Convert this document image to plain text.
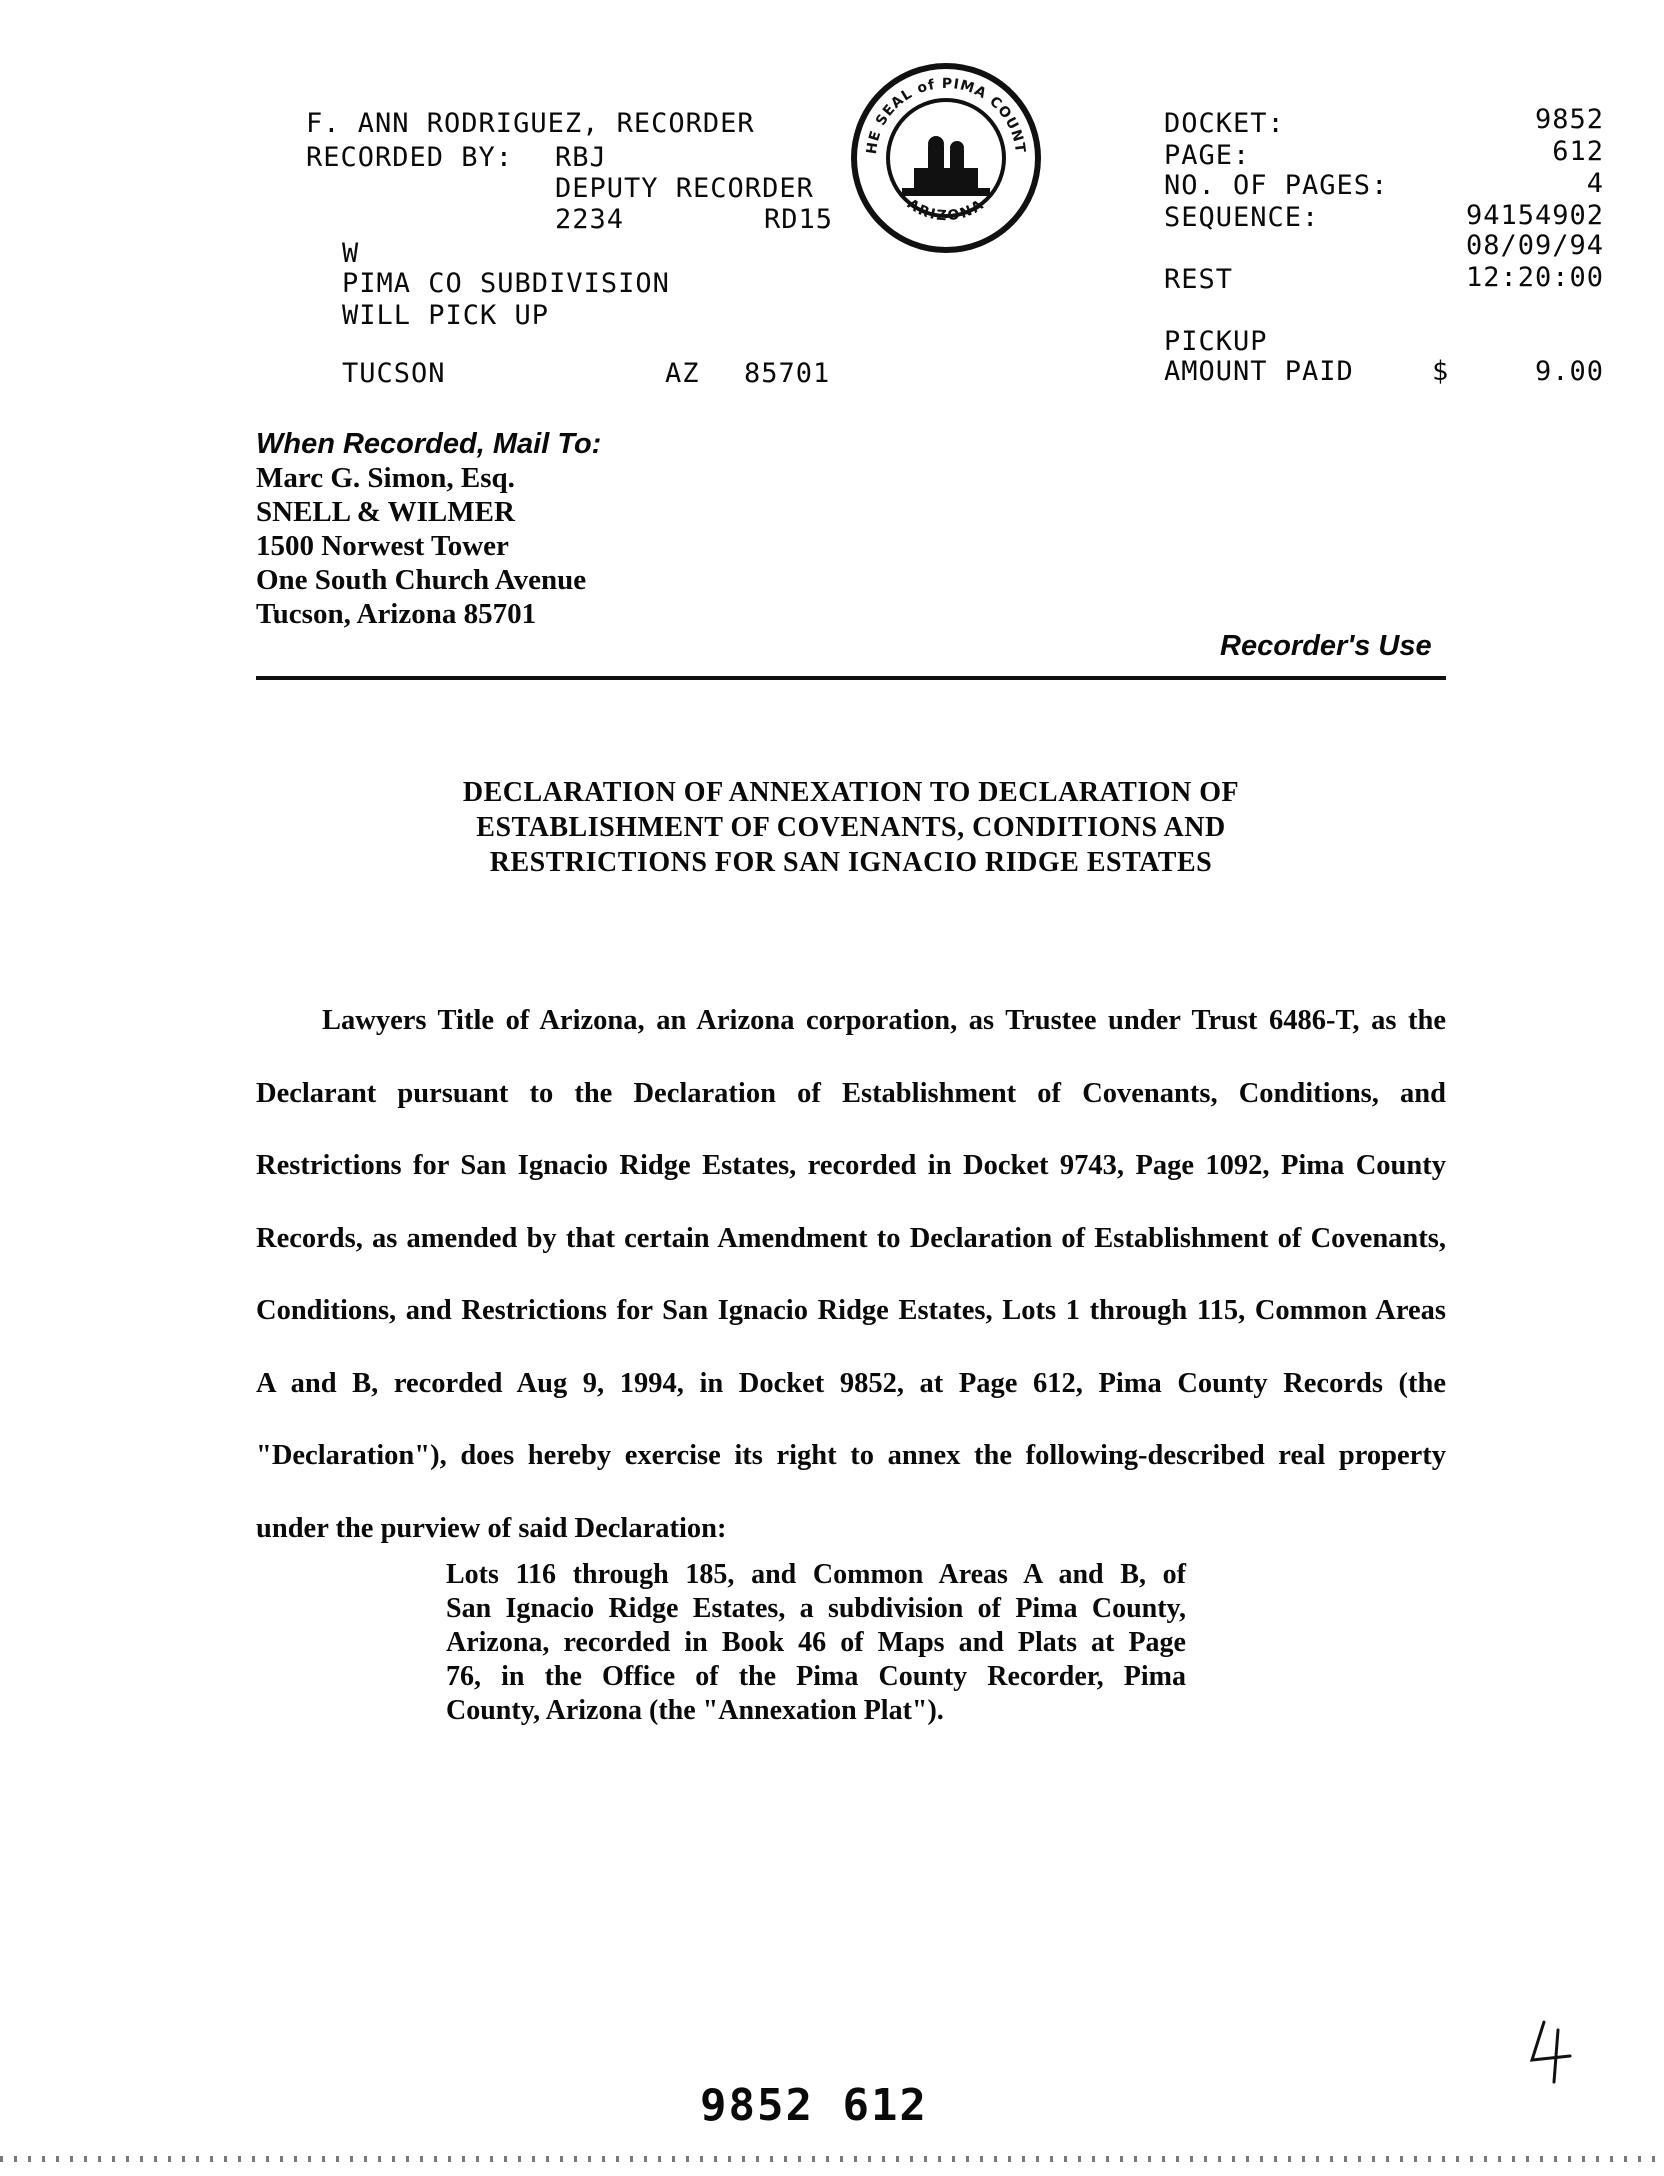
F. ANN RODRIGUEZ, RECORDER
RECORDED BY: RBJ
DEPUTY RECORDER
2234	RD15
W
PIMA CO SUBDIVISION
WILL PICK UP
TUCSON	AZ 85701
HE SEAL of PIMA COUNT
ARIZONA
DOCKET:	9852
PAGE:	612
NO. OF PAGES:	4
SEQUENCE:	94154902
08/09/94
REST	12:20:00
PICKUP
AMOUNT PAID	$	9.00
When Recorded, Mail To:
Marc G. Simon, Esq.
SNELL & WILMER
1500 Norwest Tower
One South Church Avenue
Tucson, Arizona 85701
Recorder's Use
DECLARATION OF ANNEXATION TO DECLARATION OF
ESTABLISHMENT OF COVENANTS, CONDITIONS AND
RESTRICTIONS FOR SAN IGNACIO RIDGE ESTATES
Lawyers Title of Arizona, an Arizona corporation, as Trustee under Trust 6486-T, as the
Declarant pursuant to the Declaration of Establishment of Covenants, Conditions, and
Restrictions for San Ignacio Ridge Estates, recorded in Docket 9743, Page 1092, Pima County
Records, as amended by that certain Amendment to Declaration of Establishment of Covenants,
Conditions, and Restrictions for San Ignacio Ridge Estates, Lots 1 through 115, Common Areas
A and B, recorded Aug 9, 1994, in Docket 9852, at Page 612, Pima County Records (the
"Declaration"), does hereby exercise its right to annex the following-described real property
under the purview of said Declaration:
Lots 116 through 185, and Common Areas A and B, of
San Ignacio Ridge Estates, a subdivision of Pima County,
Arizona, recorded in Book 46 of Maps and Plats at Page
76, in the Office of the Pima County Recorder, Pima
County, Arizona (the "Annexation Plat").
9852 612
